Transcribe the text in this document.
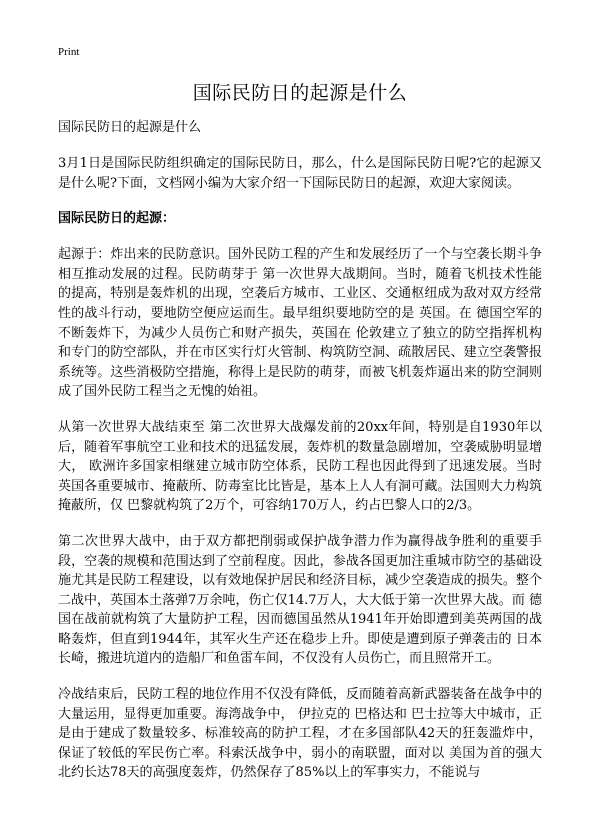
Print
国际民防日的起源是什么
国际民防日的起源是什么
3月1日是国际民防组织确定的国际民防日，那么，什么是国际民防日呢?它的起源又是什么呢?下面，文档网小编为大家介绍一下国际民防日的起源，欢迎大家阅读。
国际民防日的起源：
起源于：炸出来的民防意识。国外民防工程的产生和发展经历了一个与空袭长期斗争相互推动发展的过程。民防萌芽于 第一次世界大战期间。当时，随着飞机技术性能的提高，特别是轰炸机的出现，空袭后方城市、工业区、交通枢纽成为敌对双方经常性的战斗行动，要地防空便应运而生。最早组织要地防空的是 英国。在 德国空军的不断轰炸下，为减少人员伤亡和财产损失，英国在 伦敦建立了独立的防空指挥机构和专门的防空部队，并在市区实行灯火管制、构筑防空洞、疏散居民、建立空袭警报系统等。这些消极防空措施，称得上是民防的萌芽，而被飞机轰炸逼出来的防空洞则成了国外民防工程当之无愧的始祖。
从第一次世界大战结束至 第二次世界大战爆发前的20xx年间，特别是自1930年以后，随着军事航空工业和技术的迅猛发展，轰炸机的数量急剧增加，空袭威胁明显增大， 欧洲许多国家相继建立城市防空体系，民防工程也因此得到了迅速发展。当时英国各重要城市、掩蔽所、防毒室比比皆是，基本上人人有洞可藏。法国则大力构筑掩蔽所，仅 巴黎就构筑了2万个，可容纳170万人，约占巴黎人口的2/3。
第二次世界大战中，由于双方都把削弱或保护战争潜力作为赢得战争胜利的重要手段，空袭的规模和范围达到了空前程度。因此，参战各国更加注重城市防空的基础设施尤其是民防工程建设，以有效地保护居民和经济目标，减少空袭造成的损失。整个二战中，英国本土落弹7万余吨，伤亡仅14.7万人，大大低于第一次世界大战。而 德国在战前就构筑了大量防护工程，因而德国虽然从1941年开始即遭到美英两国的战略轰炸，但直到1944年，其军火生产还在稳步上升。即使是遭到原子弹袭击的 日本 长崎，搬进坑道内的造船厂和鱼雷车间，不仅没有人员伤亡，而且照常开工。
冷战结束后，民防工程的地位作用不仅没有降低，反而随着高新武器装备在战争中的大量运用，显得更加重要。海湾战争中， 伊拉克的 巴格达和 巴士拉等大中城市，正是由于建成了数量较多、标准较高的防护工程，才在多国部队42天的狂轰滥炸中，保证了较低的军民伤亡率。科索沃战争中，弱小的南联盟，面对以 美国为首的强大 北约长达78天的高强度轰炸，仍然保存了85%以上的军事实力，不能说与
